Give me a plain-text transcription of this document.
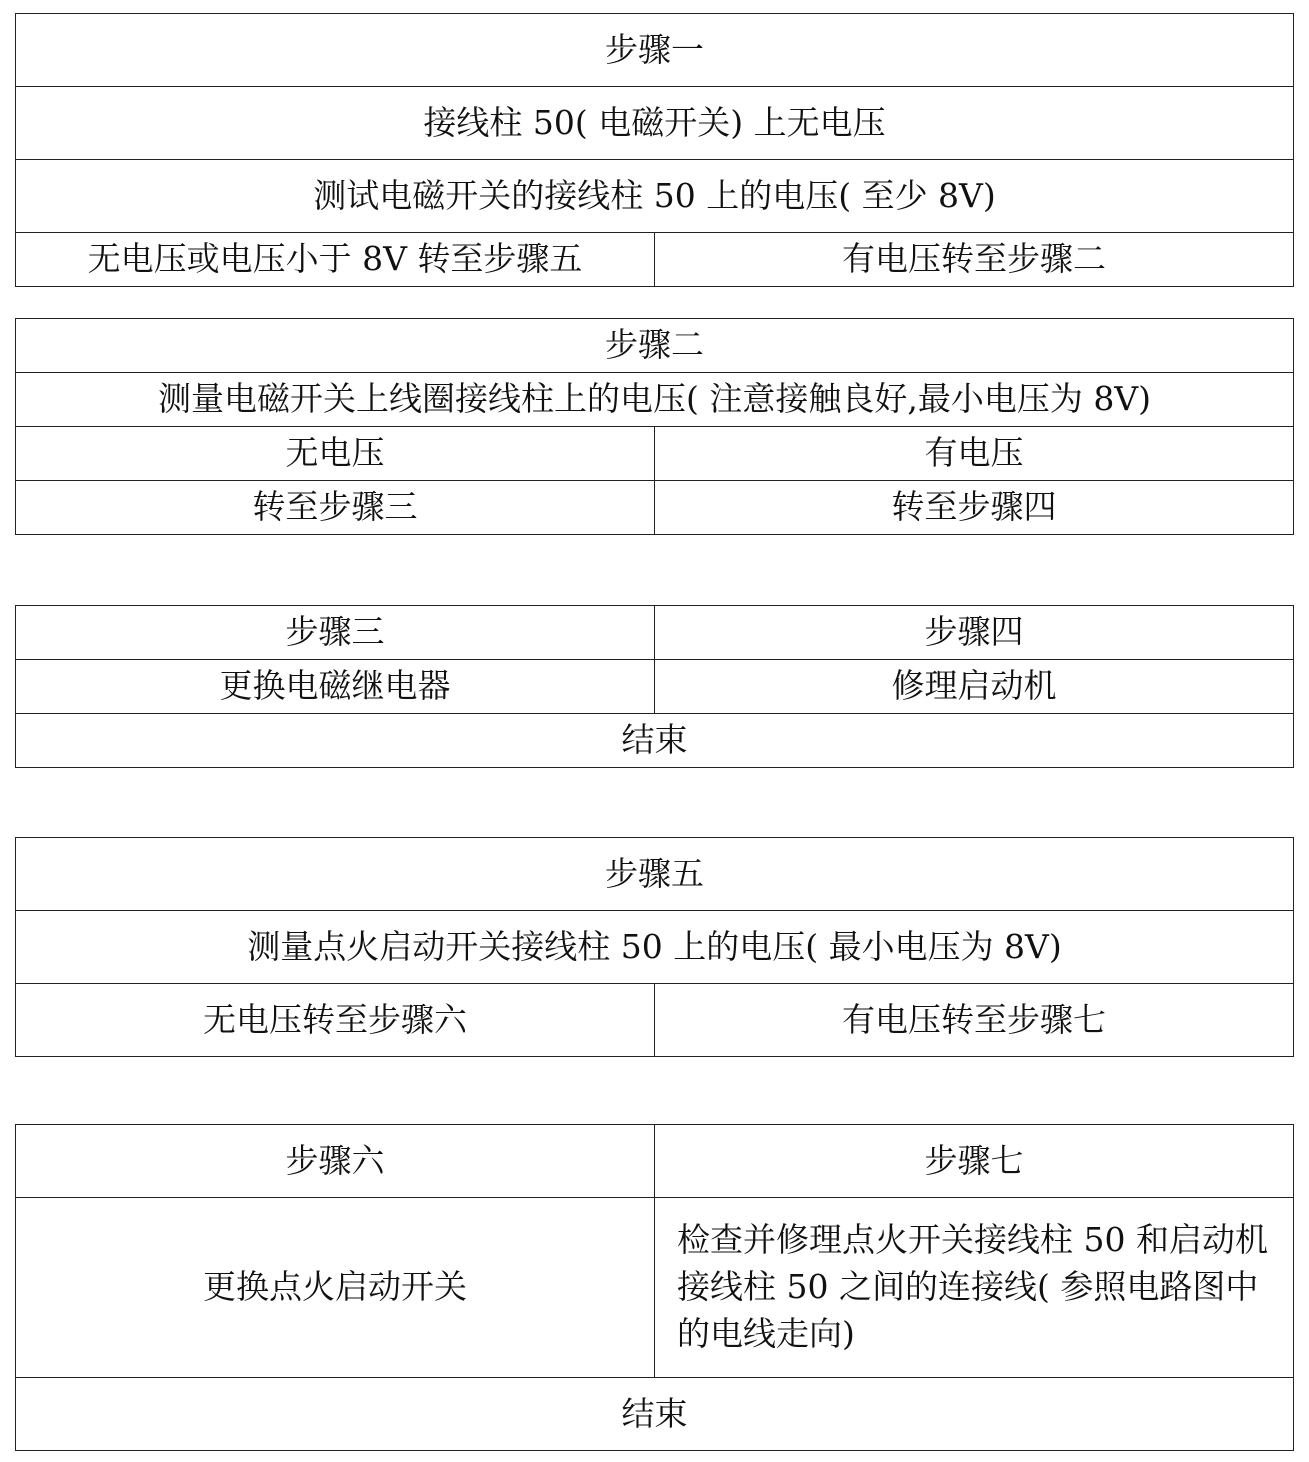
步骤一
接线柱 50( 电磁开关) 上无电压
测试电磁开关的接线柱 50 上的电压( 至少 8V)
无电压或电压小于 8V 转至步骤五	有电压转至步骤二
步骤二	
测量电磁开关上线圈接线柱上的电压( 注意接触良好,最小电压为 8V)	
无电压	有电压
转至步骤三	转至步骤四
步骤三	步骤四
更换电磁继电器	修理启动机
结束	
步骤五
测量点火启动开关接线柱 50 上的电压( 最小电压为 8V)
无电压转至步骤六	有电压转至步骤七
步骤六	步骤七
更换点火启动开关	检查并修理点火开关接线柱 50 和启动机接线柱 50 之间的连接线( 参照电路图中的电线走向)
结束	
